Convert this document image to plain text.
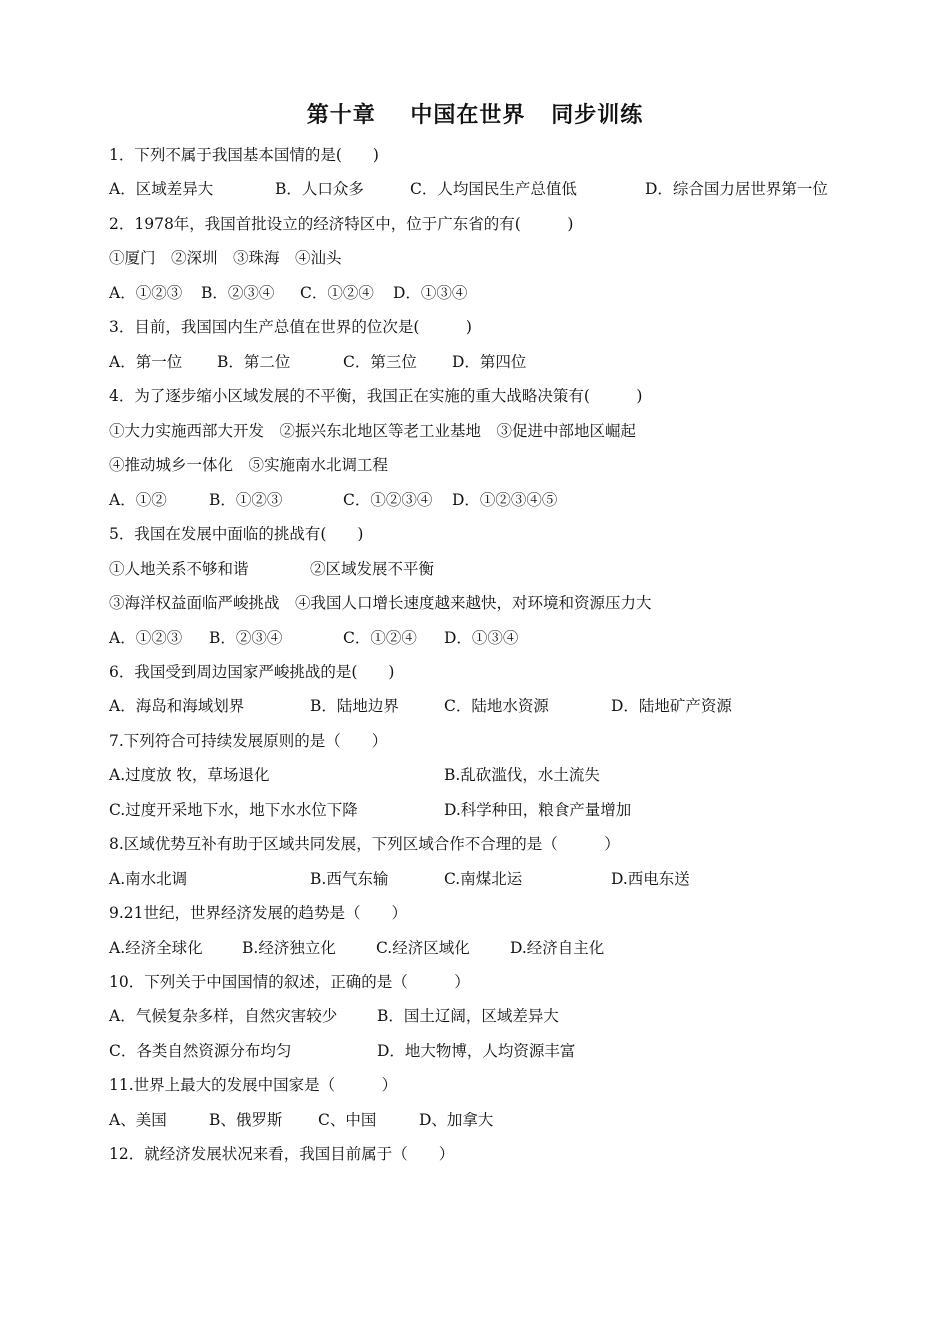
第十章    中国在世界   同步训练
1．下列不属于我国基本国情的是(　　)

A．区域差异大

	B．人口众多

	C．人均国民生产总值低

	D．综合国力居世界第一位

2．1978年，我国首批设立的经济特区中，位于广东省的有(　　　)
①厦门　②深圳　③珠海　④汕头

A．①②③

B．②③④

C．①②④

D．①③④

3．目前，我国国内生产总值在世界的位次是(　　　)

A．第一位

B．第二位

	C．第三位

D．第四位

4．为了逐步缩小区域发展的不平衡，我国正在实施的重大战略决策有(　　　)
①大力实施西部大开发　②振兴东北地区等老工业基地　③促进中部地区崛起
④推动城乡一体化　⑤实施南水北调工程

A．①②

	B．①②③

	C．①②③④

D．①②③④⑤

5．我国在发展中面临的挑战有(　　)

①人地关系不够和谐

	②区域发展不平衡

③海洋权益面临严峻挑战　④我国人口增长速度越来越快，对环境和资源压力大

A．①②③

B．②③④

	C．①②④

D．①③④

6．我国受到周边国家严峻挑战的是(　　)

A．海岛和海域划界

	B．陆地边界

	C．陆地水资源

	D．陆地矿产资源

7.下列符合可持续发展原则的是（　　）

A.过度放 牧，草场退化

	B.乱砍滥伐，水土流失

C.过度开采地下水，地下水水位下降

	D.科学种田，粮食产量增加

8.区域优势互补有助于区域共同发展，下列区域合作不合理的是（　　　）

A.南水北调

	B.西气东输

	C.南煤北运

	D.西电东送

9.21世纪，世界经济发展的趋势是（　　）

A.经济全球化

	B.经济独立化

	C.经济区域化

	D.经济自主化

10．下列关于中国国情的叙述，正确的是（　　　）

A．气候复杂多样，自然灾害较少

	B．国土辽阔，区域差异大

C．各类自然资源分布均匀

	D．地大物博，人均资源丰富

11.世界上最大的发展中国家是（　　　）

A、美国

	B、俄罗斯

C、中国

	D、加拿大

12．就经济发展状况来看，我国目前属于（　　）
